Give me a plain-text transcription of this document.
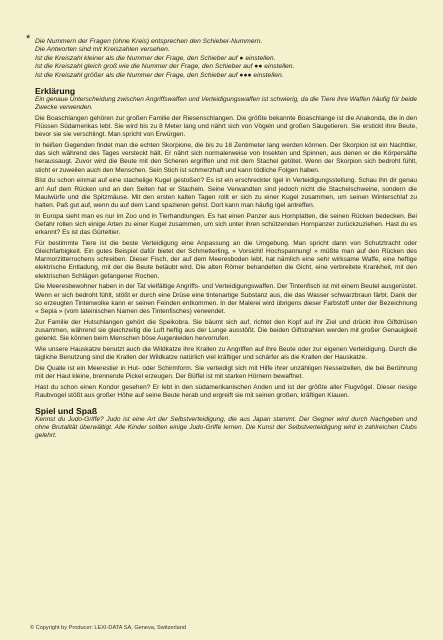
* Die Nummern der Fragen (ohne Kreis) entsprechen den Schieber-Nummern.
Die Antworten sind mit Kreiszahlen versehen.
Ist die Kreiszahl kleiner als die Nummer der Frage, den Schieber auf ● einstellen.
Ist die Kreiszahl gleich groß wie die Nummer der Frage, den Schieber auf ●● einstellen.
Ist die Kreiszahl größer als die Nummer der Frage, den Schieber auf ●●● einstellen.
Erklärung
Ein genaue Unterscheidung zwischen Angriffswaffen und Verteidigungswaffen ist schwierig, da die Tiere ihre Waffen häufig für beide Zwecke verwenden.
Die Boaschlangen gehören zur großen Familie der Riesenschlangen. Die größte bekannte Boaschlange ist die Anakonda, die in den Flüssen Südamerikas lebt. Sie wird bis zu 8 Meter lang und nährt sich von Vögeln und großen Säugetieren. Sie erstickt ihre Beute, bevor sie sie verschlingt. Man spricht von Erwürgen.
In heißen Gegenden findet man die echten Skorpione, die bis zu 18 Zentimeter lang werden können. Der Skorpion ist ein Nachttier, das sich während des Tages versteckt hält. Er nährt sich normalerweise von Insekten und Spinnen, aus denen er die Körpersäfte heraussaugt. Zuvor wird die Beute mit den Scheren ergriffen und mit dem Stachel getötet. Wenn der Skorpion sich bedroht fühlt, sticht er zuweilen auch den Menschen. Sein Stich ist schmerzhaft und kann tödliche Folgen haben.
Bist du schon einmal auf eine stachelige Kugel gestoßen? Es ist ein erschreckter Igel in Verteidigungsstellung. Schau ihn dir genau an! Auf dem Rücken und an den Seiten hat er Stacheln. Seine Verwandten sind jedoch nicht die Stachelschweine, sondern die Maulwürfe und die Spitzmäuse. Mit den ersten kalten Tagen rollt er sich zu einer Kugel zusammen, um seinen Winterschlaf zu halten. Paß gut auf, wenn du auf dem Land spazieren gehst. Dort kann man häufig Igel antreffen.
In Europa sieht man es nur im Zoo und in Tierhandlungen. Es hat einen Panzer aus Hornplatten, die seinen Rücken bedecken. Bei Gefahr rollen sich einige Arten zu einer Kugel zusammen, um sich unter ihren schützenden Hornpanzer zurückzuziehen. Hast du es erkannt? Es ist das Gürteltier.
Für bestimmte Tiere ist die beste Verteidigung eine Anpassung an die Umgebung. Man spricht dann von Schutztracht oder Gleichfarbigkeit. Ein gutes Beispiel dafür bietet der Schmetterling, « Vorsicht! Hochspannung! » müßte man auf den Rücken des Marmorzitterrochens schreiben. Dieser Fisch, der auf dem Meeresboden lebt, hat nämlich eine sehr wirksame Waffe, eine heftige elektrische Entladung, mit der die Beute betäubt wird. Die alten Römer behandelten die Gicht, eine verbreitete Krankheit, mit den elektrischen Schlägen gefangener Rochen.
Die Meeresbewohner haben in der Tat vielfältige Angriffs- und Verteidigungswaffen. Der Tintenfisch ist mit einem Beutel ausgerüstet. Wenn er sich bedroht fühlt, stößt er durch eine Drüse eine tintenartige Substanz aus, die das Wasser schwarzbraun färbt. Dank der so erzeugten Tintenwolke kann er seinen Feinden entkommen. In der Malerei wird übrigens dieser Farbstoff unter der Bezeichnung « Sepia » (vom lateinischen Namen des Tintenfisches) verwendet.
Zur Familie der Hutschlangen gehört die Speikobra. Sie bäumt sich auf, richtet den Kopf auf ihr Ziel und drückt ihre Giftdrüsen zusammen, während sie gleichzeitig die Luft heftig aus der Lunge ausstößt. Die beiden Giftstrahlen werden mit großer Genauigkeit gelenkt. Sie können beim Menschen böse Augenleiden hervorrufen.
Wie unsere Hauskatze benutzt auch die Wildkatze ihre Krallen zu Angriffen auf ihre Beute oder zur eigenen Verteidigung. Durch die tägliche Benutzung sind die Krallen der Wildkatze natürlich viel kräftiger und schärfer als die Krallen der Hauskatze.
Die Qualle ist ein Meerestier in Hut- oder Schirmform. Sie verteidigt sich mit Hilfe ihrer unzähligen Nesselzellen, die bei Berührung mit der Haut kleine, brennende Pickel erzeugen. Der Büffel ist mit starken Hörnern bewaffnet.
Hast du schon einen Kondor gesehen? Er lebt in den südamerikanischen Anden und ist der größte aller Flugvögel. Dieser riesige Raubvogel stößt aus großer Höhe auf seine Beute herab und ergreift sie mit seinen großen, kräftigen Klauen.
Spiel und Spaß
Kennst du Judo-Griffe? Judo ist eine Art der Selbstverteidigung, die aus Japan stammt. Der Gegner wird durch Nachgeben und ohne Brutalität überwältigt. Alle Kinder sollten einige Judo-Griffe lernen. Die Kunst der Selbstverteidigung wird in zahlreichen Clubs gelehrt.
© Copyright by Producer: LEXI-DATA SA, Geneva, Switzerland
